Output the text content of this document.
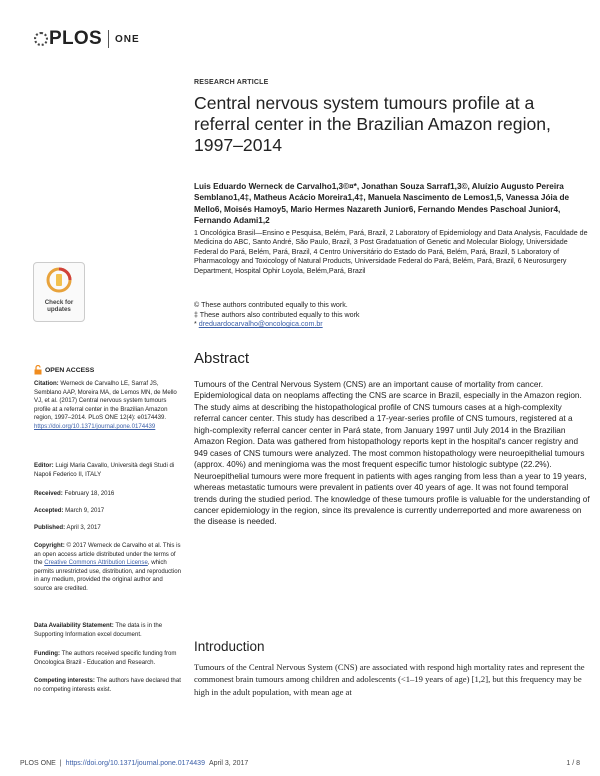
PLOS ONE
Check for
updates
RESEARCH ARTICLE
Central nervous system tumours profile at a referral center in the Brazilian Amazon region, 1997–2014
Luis Eduardo Werneck de Carvalho1,3©¤*, Jonathan Souza Sarraf1,3©, Aluízio Augusto Pereira Semblano1,4‡, Matheus Acácio Moreira1,4‡, Manuela Nascimento de Lemos1,5, Vanessa Jóia de Mello6, Moisés Hamoy5, Mario Hermes Nazareth Junior6, Fernando Mendes Paschoal Junior4, Fernando Adami1,2
1 Oncológica Brasil—Ensino e Pesquisa, Belém, Pará, Brazil, 2 Laboratory of Epidemiology and Data Analysis, Faculdade de Medicina do ABC, Santo André, São Paulo, Brazil, 3 Post Gradatuation of Genetic and Molecular Biology, Universidade Federal do Pará, Belém, Pará, Brazil, 4 Centro Universitário do Estado do Pará, Belém, Pará, Brazil, 5 Laboratory of Pharmacology and Toxicology of Natural Products, Universidade Federal do Pará, Belém, Pará, Brazil, 6 Neurosurgery Department, Hospital Ophir Loyola, Belém,Pará, Brazil
© These authors contributed equally to this work.
‡ These authors also contributed equally to this work
* dreduardocarvalho@oncologica.com.br
Abstract
Tumours of the Central Nervous System (CNS) are an important cause of mortality from cancer. Epidemiological data on neoplams affecting the CNS are scarce in Brazil, especially in the Amazon region. The study aims at describing the histopathological profile of CNS tumours cases at a high-complexity referral cancer center. This study has described a 17-year-series profile of CNS tumours, registered at a high-complexity referral cancer center in Pará state, from January 1997 until July 2014 in the Brazilian Amazon Region. Data was gathered from histopathology reports kept in the hospital's cancer registry and 949 cases of CNS tumours were analyzed. The most common histopathology were neuroepithelial tumours (approx. 40%) and meningioma was the most frequent especific tumor histologic subtype (22.2%). Neuroepithelial tumours were more frequent in patients with ages ranging from less than a year to 19 years, whereas metastatic tumours were prevalent in patients over 40 years of age. It was not found temporal trends during the studied period. The knowledge of these tumours profile is valuable for the understanding of cancer epidemiology in the region, since its prevalence is currently underreported and more awareness on the disease is needed.
Introduction
Tumours of the Central Nervous System (CNS) are associated with respond high mortality rates and represent the commonest brain tumours among children and adolescents (<1–19 years of age) [1,2], but this frequency may be high in the adult population, with mean age at
OPEN ACCESS
Citation: Werneck de Carvalho LE, Sarraf JS, Semblano AAP, Moreira MA, de Lemos MN, de Mello VJ, et al. (2017) Central nervous system tumours profile at a referral center in the Brazilian Amazon region, 1997–2014. PLoS ONE 12(4): e0174439. https://doi.org/10.1371/journal.pone.0174439
Editor: Luigi Maria Cavallo, Università degli Studi di Napoli Federico II, ITALY
Received: February 18, 2016
Accepted: March 9, 2017
Published: April 3, 2017
Copyright: © 2017 Werneck de Carvalho et al. This is an open access article distributed under the terms of the Creative Commons Attribution License, which permits unrestricted use, distribution, and reproduction in any medium, provided the original author and source are credited.
Data Availability Statement: The data is in the Supporting Information excel document.
Funding: The authors received specific funding from Oncologica Brazil - Education and Research.
Competing interests: The authors have declared that no competing interests exist.
PLOS ONE | https://doi.org/10.1371/journal.pone.0174439 April 3, 2017	1 / 8
